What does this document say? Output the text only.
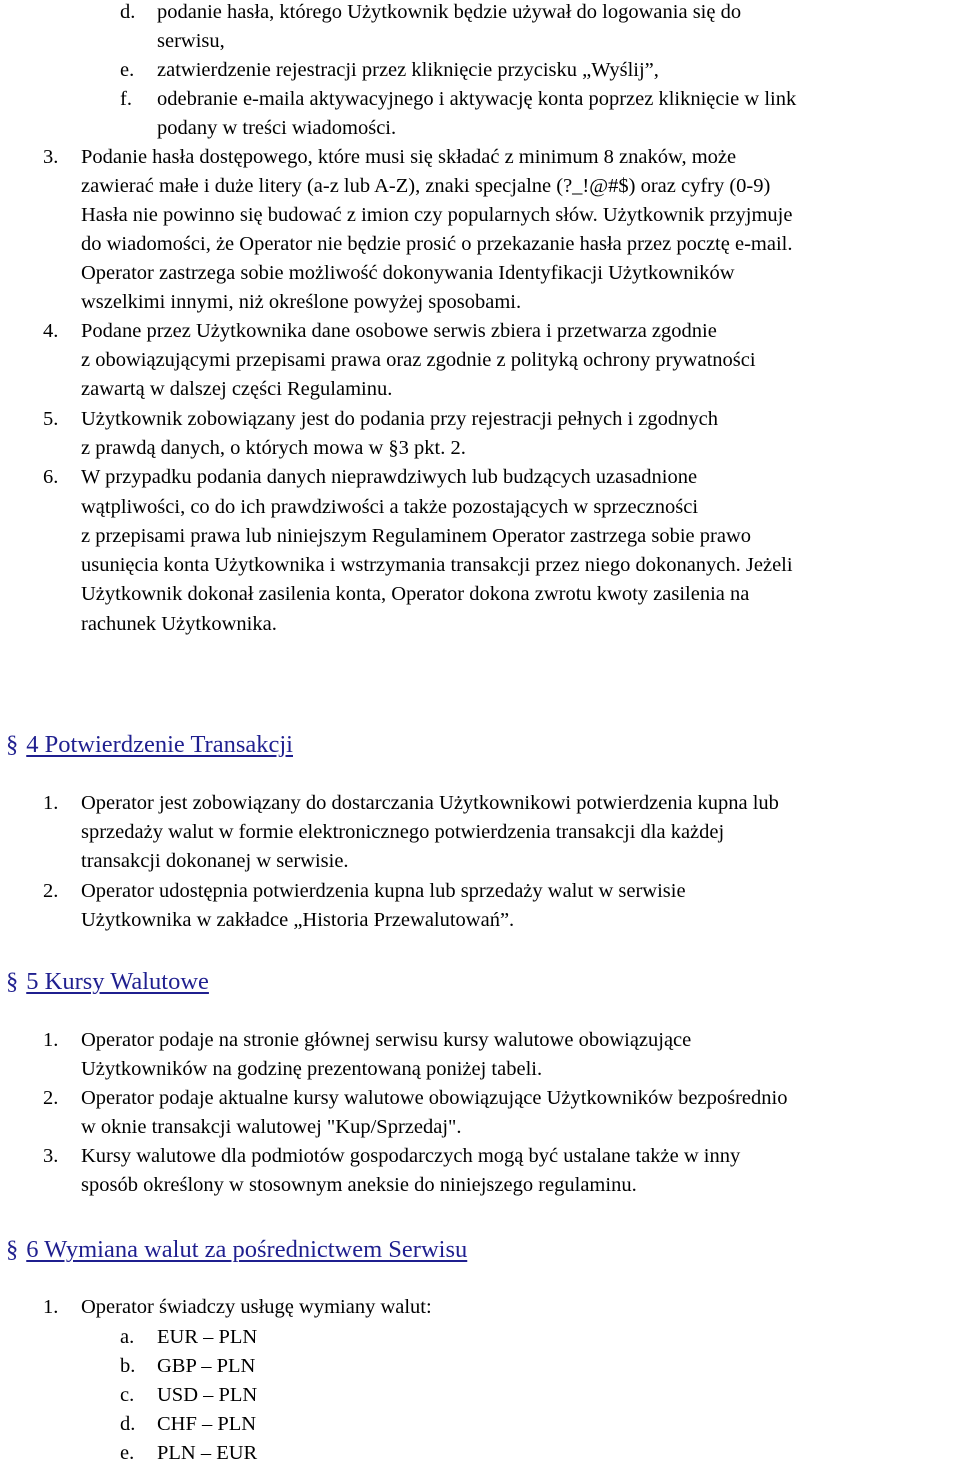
d. podanie hasła, którego Użytkownik będzie używał do logowania się do
serwisu,
e. zatwierdzenie rejestracji przez kliknięcie przycisku „Wyślij”,
f. odebranie e-maila aktywacyjnego i aktywację konta poprzez kliknięcie w link
podany w treści wiadomości.
3. Podanie hasła dostępowego, które musi się składać z minimum 8 znaków, może
zawierać małe i duże litery (a-z lub A-Z), znaki specjalne (?_!@#$) oraz cyfry (0-9)
Hasła nie powinno się budować z imion czy popularnych słów. Użytkownik przyjmuje
do wiadomości, że Operator nie będzie prosić o przekazanie hasła przez pocztę e-mail.
Operator zastrzega sobie możliwość dokonywania Identyfikacji Użytkowników
wszelkimi innymi, niż określone powyżej sposobami.
4. Podane przez Użytkownika dane osobowe serwis zbiera i przetwarza zgodnie
z obowiązującymi przepisami prawa oraz zgodnie z polityką ochrony prywatności
zawartą w dalszej części Regulaminu.
5. Użytkownik zobowiązany jest do podania przy rejestracji pełnych i zgodnych
z prawdą danych, o których mowa w §3 pkt. 2.
6. W przypadku podania danych nieprawdziwych lub budzących uzasadnione
wątpliwości, co do ich prawdziwości a także pozostających w sprzeczności
z przepisami prawa lub niniejszym Regulaminem Operator zastrzega sobie prawo
usunięcia konta Użytkownika i wstrzymania transakcji przez niego dokonanych. Jeżeli
Użytkownik dokonał zasilenia konta, Operator dokona zwrotu kwoty zasilenia na
rachunek Użytkownika.
§ 4 Potwierdzenie Transakcji
1. Operator jest zobowiązany do dostarczania Użytkownikowi potwierdzenia kupna lub
sprzedaży walut w formie elektronicznego potwierdzenia transakcji dla każdej
transakcji dokonanej w serwisie.
2. Operator udostępnia potwierdzenia kupna lub sprzedaży walut w serwisie
Użytkownika w zakładce „Historia Przewalutowań”.
§ 5 Kursy Walutowe
1. Operator podaje na stronie głównej serwisu kursy walutowe obowiązujące
Użytkowników na godzinę prezentowaną poniżej tabeli.
2. Operator podaje aktualne kursy walutowe obowiązujące Użytkowników bezpośrednio
w oknie transakcji walutowej "Kup/Sprzedaj".
3. Kursy walutowe dla podmiotów gospodarczych mogą być ustalane także w inny
sposób określony w stosownym aneksie do niniejszego regulaminu.
§ 6 Wymiana walut za pośrednictwem Serwisu
1. Operator świadczy usługę wymiany walut:
a. EUR – PLN
b. GBP – PLN
c. USD – PLN
d. CHF – PLN
e. PLN – EUR
